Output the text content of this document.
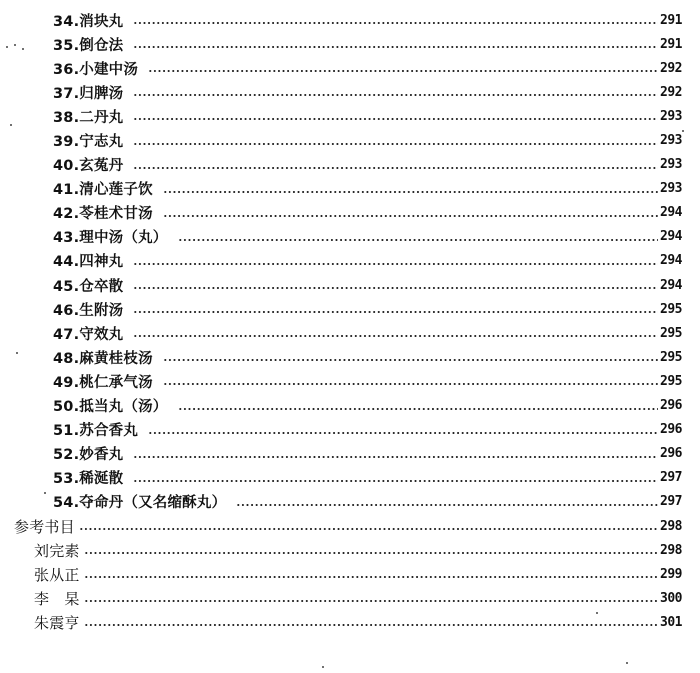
34.消块丸	291
35.倒仓法	291
36.小建中汤	292
37.归脾汤	292
38.二丹丸	293
39.宁志丸	293
40.玄菟丹	293
41.清心莲子饮	293
42.苓桂术甘汤	294
43.理中汤（丸）	294
44.四神丸	294
45.仓卒散	294
46.生附汤	295
47.守效丸	295
48.麻黄桂枝汤	295
49.桃仁承气汤	295
50.抵当丸（汤）	296
51.苏合香丸	296
52.妙香丸	296
53.稀涎散	297
54.夺命丹（又名缩酥丸）	297
参考书目	298
刘完素	298
张从正	299
李　杲	300
朱震亨	301
